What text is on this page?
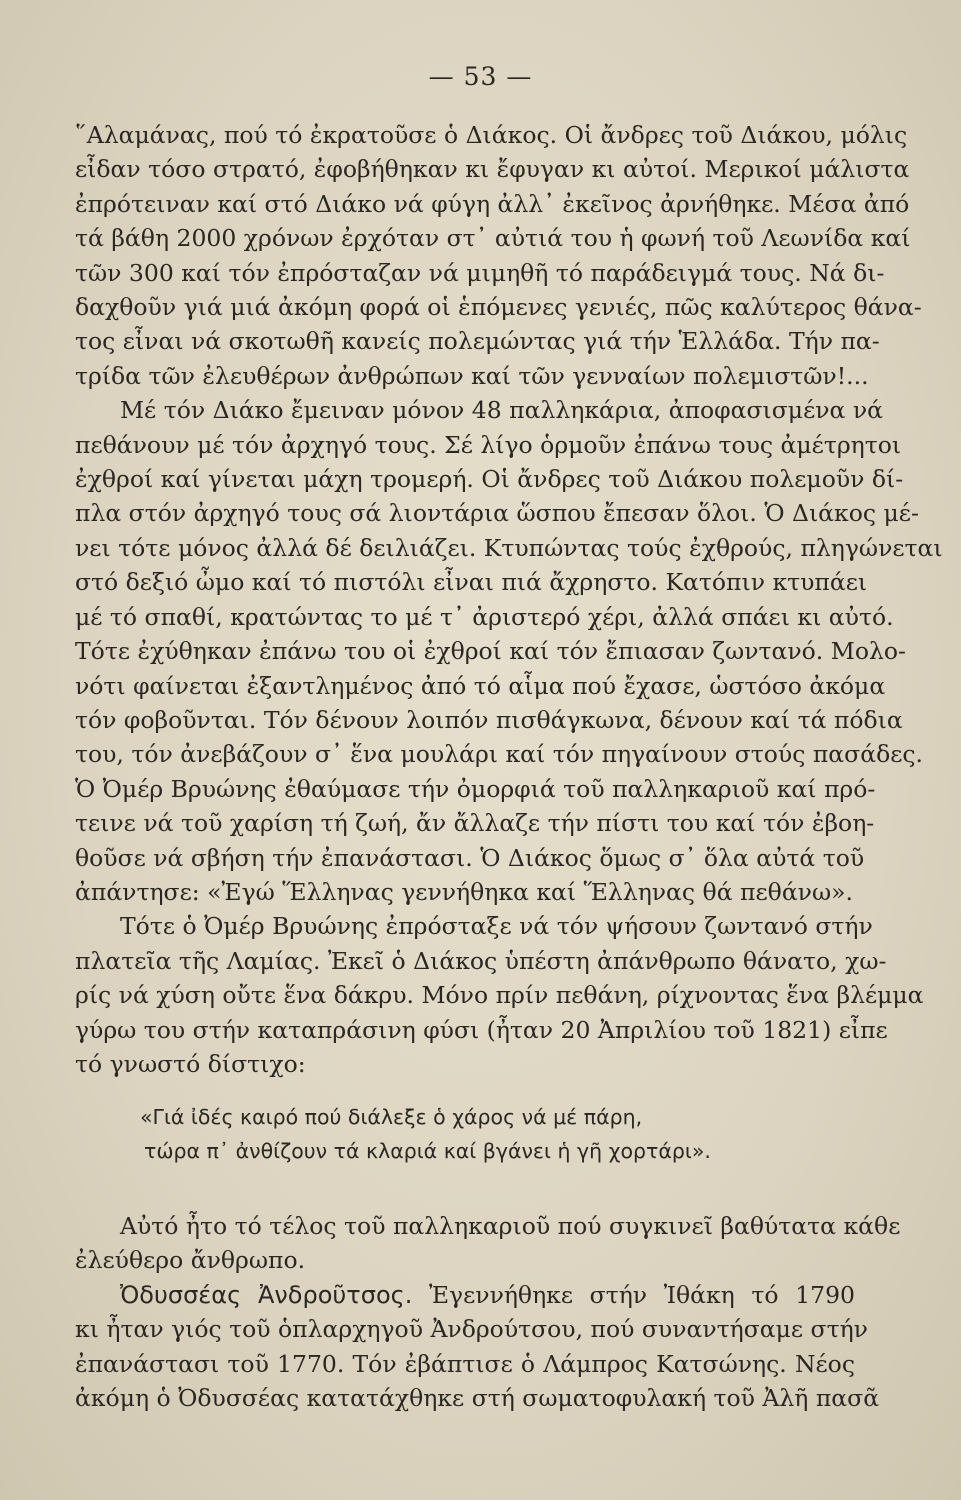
— 53 —
῞Αλαμάνας, πού τό ἐκρατοῦσε ὁ Διάκος. Οἱ ἄνδρες τοῦ Διάκου, μόλις
εἶδαν τόσο στρατό, ἐφοβήθηκαν κι ἔφυγαν κι αὐτοί. Μερικοί μάλιστα
ἐπρότειναν καί στό Διάκο νά φύγη ἀλλ᾽ ἐκεῖνος ἀρνήθηκε. Μέσα ἀπό
τά βάθη 2000 χρόνων ἐρχόταν στ᾽ αὐτιά του ἡ φωνή τοῦ Λεωνίδα καί
τῶν 300 καί τόν ἐπρόσταζαν νά μιμηθῆ τό παράδειγμά τους. Νά δι-
δαχθοῦν γιά μιά ἀκόμη φορά οἱ ἑπόμενες γενιές, πῶς καλύτερος θάνα-
τος εἶναι νά σκοτωθῆ κανείς πολεμώντας γιά τήν Ἑλλάδα. Τήν πα-
τρίδα τῶν ἐλευθέρων ἀνθρώπων καί τῶν γενναίων πολεμιστῶν!...
Μέ τόν Διάκο ἔμειναν μόνον 48 παλληκάρια, ἀποφασισμένα νά
πεθάνουν μέ τόν ἀρχηγό τους. Σέ λίγο ὁρμοῦν ἐπάνω τους ἀμέτρητοι
ἐχθροί καί γίνεται μάχη τρομερή. Οἱ ἄνδρες τοῦ Διάκου πολεμοῦν δί-
πλα στόν ἀρχηγό τους σά λιοντάρια ὥσπου ἔπεσαν ὅλοι. Ὁ Διάκος μέ-
νει τότε μόνος ἀλλά δέ δειλιάζει. Κτυπώντας τούς ἐχθρούς, πληγώνεται
στό δεξιό ὦμο καί τό πιστόλι εἶναι πιά ἄχρηστο. Κατόπιν κτυπάει
μέ τό σπαθί, κρατώντας το μέ τ᾽ ἀριστερό χέρι, ἀλλά σπάει κι αὐτό.
Τότε ἐχύθηκαν ἐπάνω του οἱ ἐχθροί καί τόν ἔπιασαν ζωντανό. Μολο-
νότι φαίνεται ἐξαντλημένος ἀπό τό αἷμα πού ἔχασε, ὡστόσο ἀκόμα
τόν φοβοῦνται. Τόν δένουν λοιπόν πισθάγκωνα, δένουν καί τά πόδια
του, τόν ἀνεβάζουν σ᾽ ἕνα μουλάρι καί τόν πηγαίνουν στούς πασάδες.
Ὁ Ὀμέρ Βρυώνης ἐθαύμασε τήν ὀμορφιά τοῦ παλληκαριοῦ καί πρό-
τεινε νά τοῦ χαρίση τή ζωή, ἄν ἄλλαζε τήν πίστι του καί τόν ἐβοη-
θοῦσε νά σβήση τήν ἐπανάστασι. Ὁ Διάκος ὅμως σ᾽ ὅλα αὐτά τοῦ
ἀπάντησε: «Ἐγώ Ἕλληνας γεννήθηκα καί Ἕλληνας θά πεθάνω».
Τότε ὁ Ὀμέρ Βρυώνης ἐπρόσταξε νά τόν ψήσουν ζωντανό στήν
πλατεῖα τῆς Λαμίας. Ἐκεῖ ὁ Διάκος ὑπέστη ἀπάνθρωπο θάνατο, χω-
ρίς νά χύση οὔτε ἕνα δάκρυ. Μόνο πρίν πεθάνη, ρίχνοντας ἕνα βλέμμα
γύρω του στήν καταπράσινη φύσι (ἦταν 20 Ἀπριλίου τοῦ 1821) εἶπε
τό γνωστό δίστιχο:
«Γιά ἰδές καιρό πού διάλεξε ὁ χάρος νά μέ πάρη,
τώρα π᾽ ἀνθίζουν τά κλαριά καί βγάνει ἡ γῆ χορτάρι».
Αὐτό ἦτο τό τέλος τοῦ παλληκαριοῦ πού συγκινεῖ βαθύτατα κάθε
ἐλεύθερο ἄνθρωπο.
Ὀδυσσέας Ἀνδροῦτσος. Ἐγεννήθηκε στήν Ἰθάκη τό 1790
κι ἦταν γιός τοῦ ὁπλαρχηγοῦ Ἀνδρούτσου, πού συναντήσαμε στήν
ἐπανάστασι τοῦ 1770. Τόν ἐβάπτισε ὁ Λάμπρος Κατσώνης. Νέος
ἀκόμη ὁ Ὀδυσσέας κατατάχθηκε στή σωματοφυλακή τοῦ Ἀλῆ πασᾶ
